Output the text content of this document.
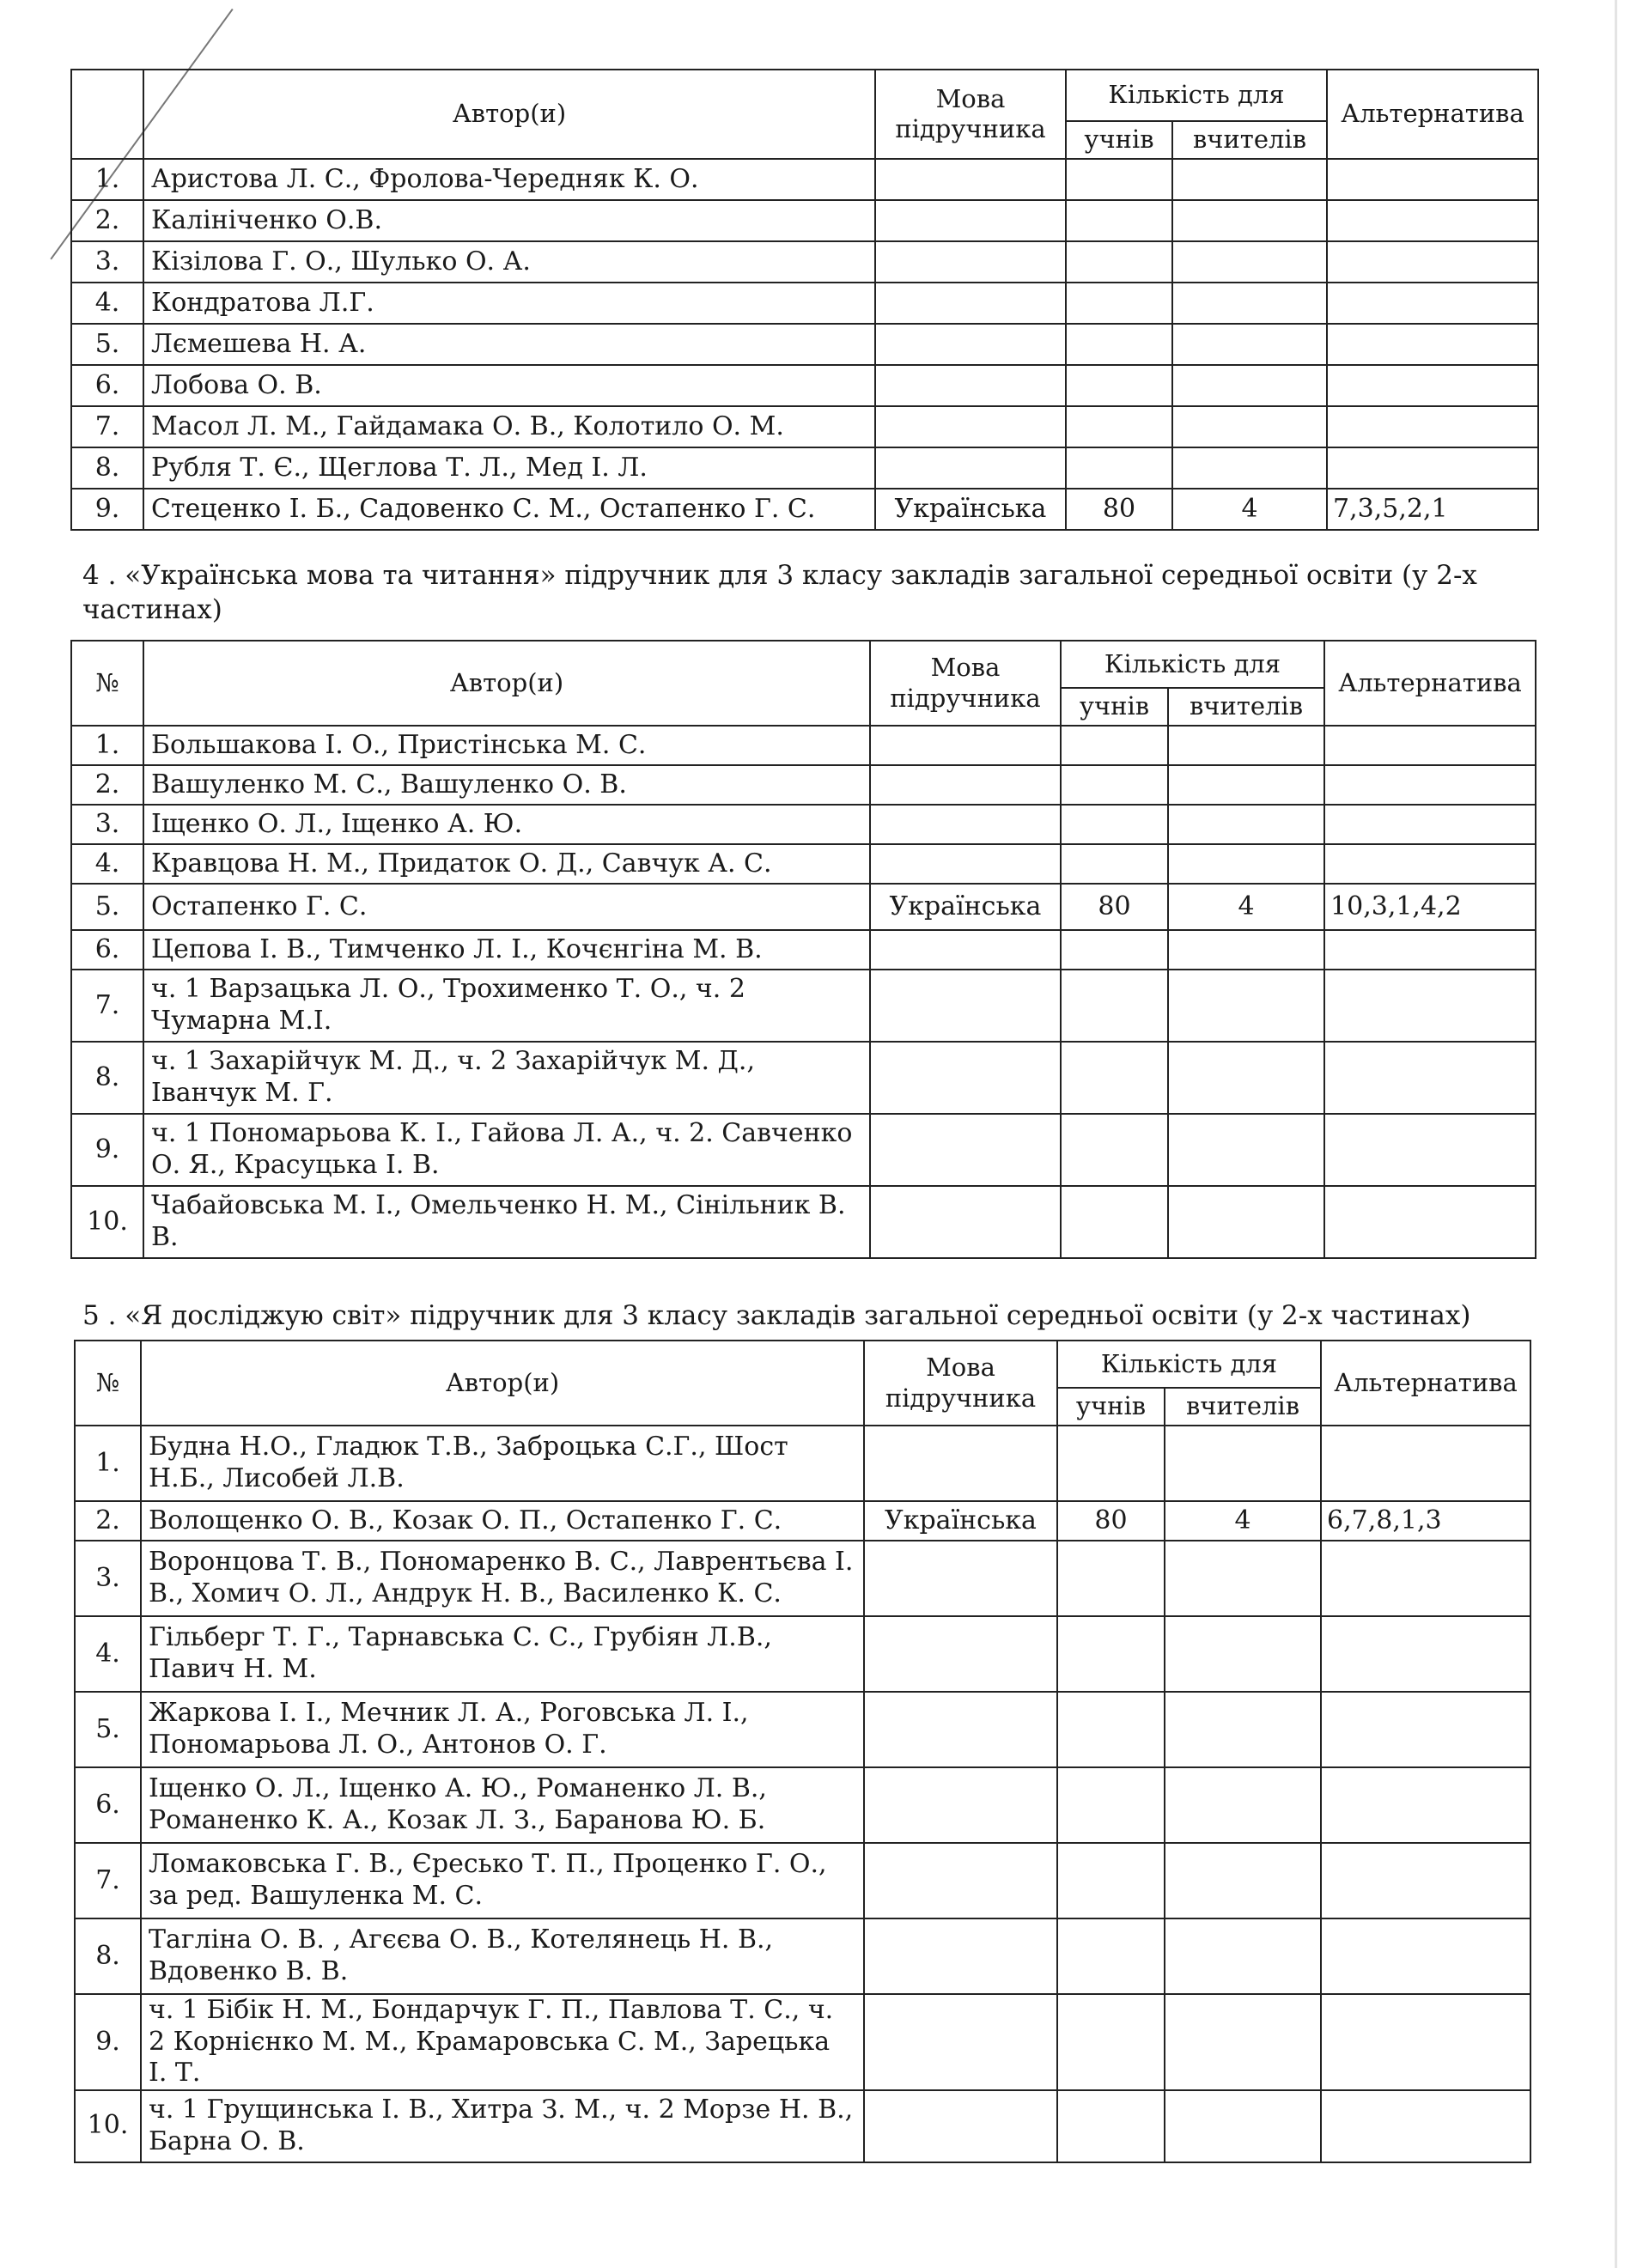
	Автор(и)	Мова підручника	Кількість для		Альтернатива
			учнів	вчителів	
1.	Аристова Л. С., Фролова-Чередняк К. О.				
2.	Калініченко О.В.				
3.	Кізілова Г. О., Шулько О. А.				
4.	Кондратова Л.Г.				
5.	Лємешева Н. А.				
6.	Лобова О. В.				
7.	Масол Л. М., Гайдамака О. В., Колотило О. М.				
8.	Рубля Т. Є., Щеглова Т. Л., Мед І. Л.				
9.	Стеценко І. Б., Садовенко С. М., Остапенко Г. С.	Українська	80	4	7,3,5,2,1
4 . «Українська мова та читання» підручник для 3 класу закладів загальної середньої освіти (у 2-х частинах)
№	Автор(и)	Мова підручника	Кількість для		Альтернатива
			учнів	вчителів	
1.	Большакова І. О., Пристінська М. С.				
2.	Вашуленко М. С., Вашуленко О. В.				
3.	Іщенко О. Л., Іщенко А. Ю.				
4.	Кравцова Н. М., Придаток О. Д., Савчук А. С.				
5.	Остапенко Г. С.	Українська	80	4	10,3,1,4,2
6.	Цепова І. В., Тимченко Л. І., Кочєнгіна М. В.				
7.	ч. 1 Варзацька Л. О., Трохименко Т. О., ч. 2 Чумарна М.І.				
8.	ч. 1 Захарійчук М. Д., ч. 2 Захарійчук М. Д., Іванчук М. Г.				
9.	ч. 1 Пономарьова К. І., Гайова Л. А., ч. 2. Савченко О. Я., Красуцька І. В.				
10.	Чабайовська М. І., Омельченко Н. М., Сінільник В. В.				
5 . «Я досліджую світ» підручник для 3 класу закладів загальної середньої освіти (у 2-х частинах)
№	Автор(и)	Мова підручника	Кількість для		Альтернатива
			учнів	вчителів	
1.	Будна Н.О., Гладюк Т.В., Заброцька С.Г., Шост Н.Б., Лисобей Л.В.				
2.	Волощенко О. В., Козак О. П., Остапенко Г. С.	Українська	80	4	6,7,8,1,3
3.	Воронцова Т. В., Пономаренко В. С., Лаврентьєва І. В., Хомич О. Л., Андрук Н. В., Василенко К. С.				
4.	Гільберг Т. Г., Тарнавська С. С., Грубіян Л.В., Павич Н. М.				
5.	Жаркова І. І., Мечник Л. А., Роговська Л. І., Пономарьова Л. О., Антонов О. Г.				
6.	Іщенко О. Л., Іщенко А. Ю., Романенко Л. В., Романенко К. А., Козак Л. З., Баранова Ю. Б.				
7.	Ломаковська Г. В., Єресько Т. П., Проценко Г. О., за ред. Вашуленка М. С.				
8.	Таглiна О. В. , Агєєва О. В., Котелянець Н. В., Вдовенко В. В.				
9.	ч. 1 Бібік Н. М., Бондарчук Г. П., Павлова Т. С., ч. 2 Корнієнко М. М., Крамаровська С. М., Зарецька І. Т.				
10.	ч. 1 Грущинська І. В., Хитра З. М., ч. 2 Морзе Н. В., Барна О. В.				
